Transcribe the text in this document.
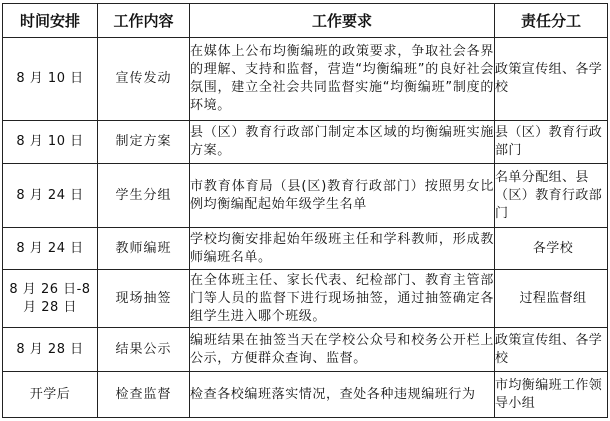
时间安排	工作内容	工作要求	责任分工
8 月 10 日	宣传发动	在媒体上公布均衡编班的政策要求，争取社会各界的理解、支持和监督，营造“均衡编班”的良好社会氛围，建立全社会共同监督实施“均衡编班”制度的环境。	政策宣传组、各学校
8 月 10 日	制定方案	县（区）教育行政部门制定本区域的均衡编班实施方案。	县（区）教育行政部门
8 月 24 日	学生分组	市教育体育局（县(区)教育行政部门）按照男女比例均衡编配起始年级学生名单	名单分配组、县（区）教育行政部门
8 月 24 日	教师编班	学校均衡安排起始年级班主任和学科教师，形成教师编班名单。	各学校
8 月 26 日-8 月 28 日	现场抽签	在全体班主任、家长代表、纪检部门、教育主管部门等人员的监督下进行现场抽签，通过抽签确定各组学生进入哪个班级。	过程监督组
8 月 28 日	结果公示	编班结果在抽签当天在学校公众号和校务公开栏上公示，方便群众查询、监督。	政策宣传组、各学校
开学后	检查监督	检查各校编班落实情况，查处各种违规编班行为	市均衡编班工作领导小组
